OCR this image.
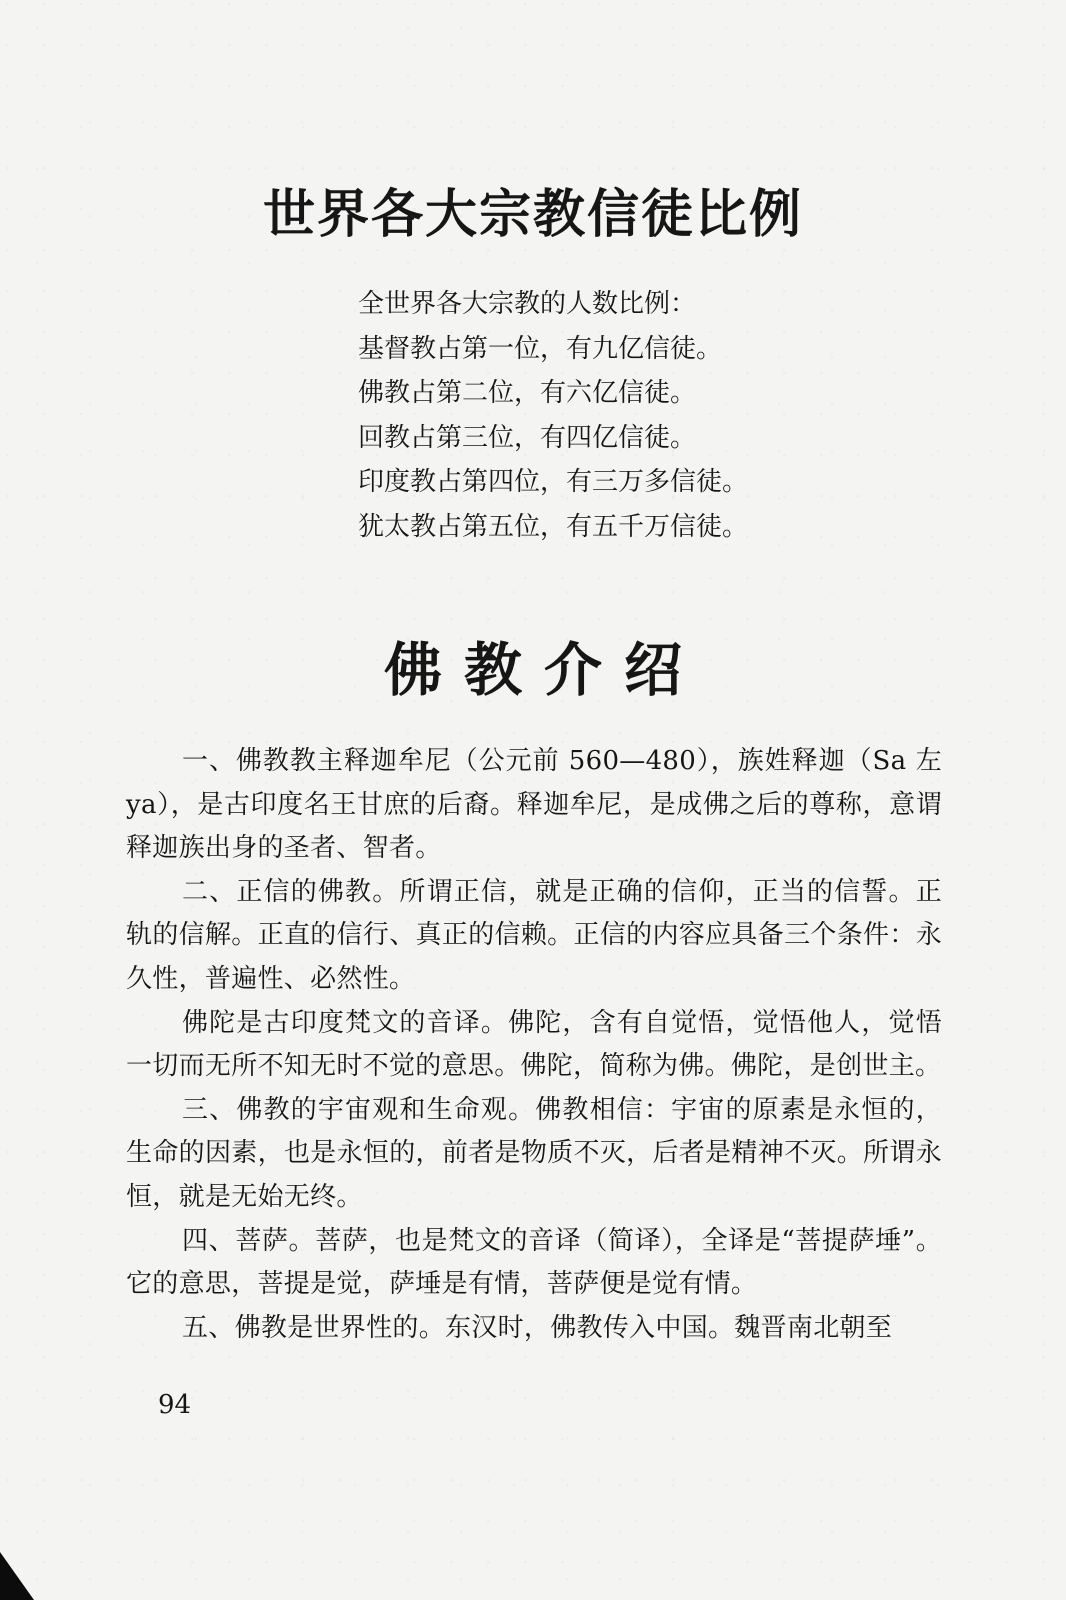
世界各大宗教信徒比例
全世界各大宗教的人数比例：
基督教占第一位，有九亿信徒。
佛教占第二位，有六亿信徒。
回教占第三位，有四亿信徒。
印度教占第四位，有三万多信徒。
犹太教占第五位，有五千万信徒。
佛教介绍

一、佛教教主释迦牟尼（公元前 560—480），族姓释迦（Sa 左ya），是古印度名王甘庶的后裔。释迦牟尼，是成佛之后的尊称，意谓释迦族出身的圣者、智者。

二、正信的佛教。所谓正信，就是正确的信仰，正当的信誓。正轨的信解。正直的信行、真正的信赖。正信的内容应具备三个条件：永久性，普遍性、必然性。

佛陀是古印度梵文的音译。佛陀，含有自觉悟，觉悟他人，觉悟一切而无所不知无时不觉的意思。佛陀，简称为佛。佛陀，是创世主。

三、佛教的宇宙观和生命观。佛教相信：宇宙的原素是永恒的，生命的因素，也是永恒的，前者是物质不灭，后者是精神不灭。所谓永恒，就是无始无终。

四、菩萨。菩萨，也是梵文的音译（简译），全译是“菩提萨埵”。它的意思，菩提是觉，萨埵是有情，菩萨便是觉有情。

五、佛教是世界性的。东汉时，佛教传入中国。魏晋南北朝至

94
